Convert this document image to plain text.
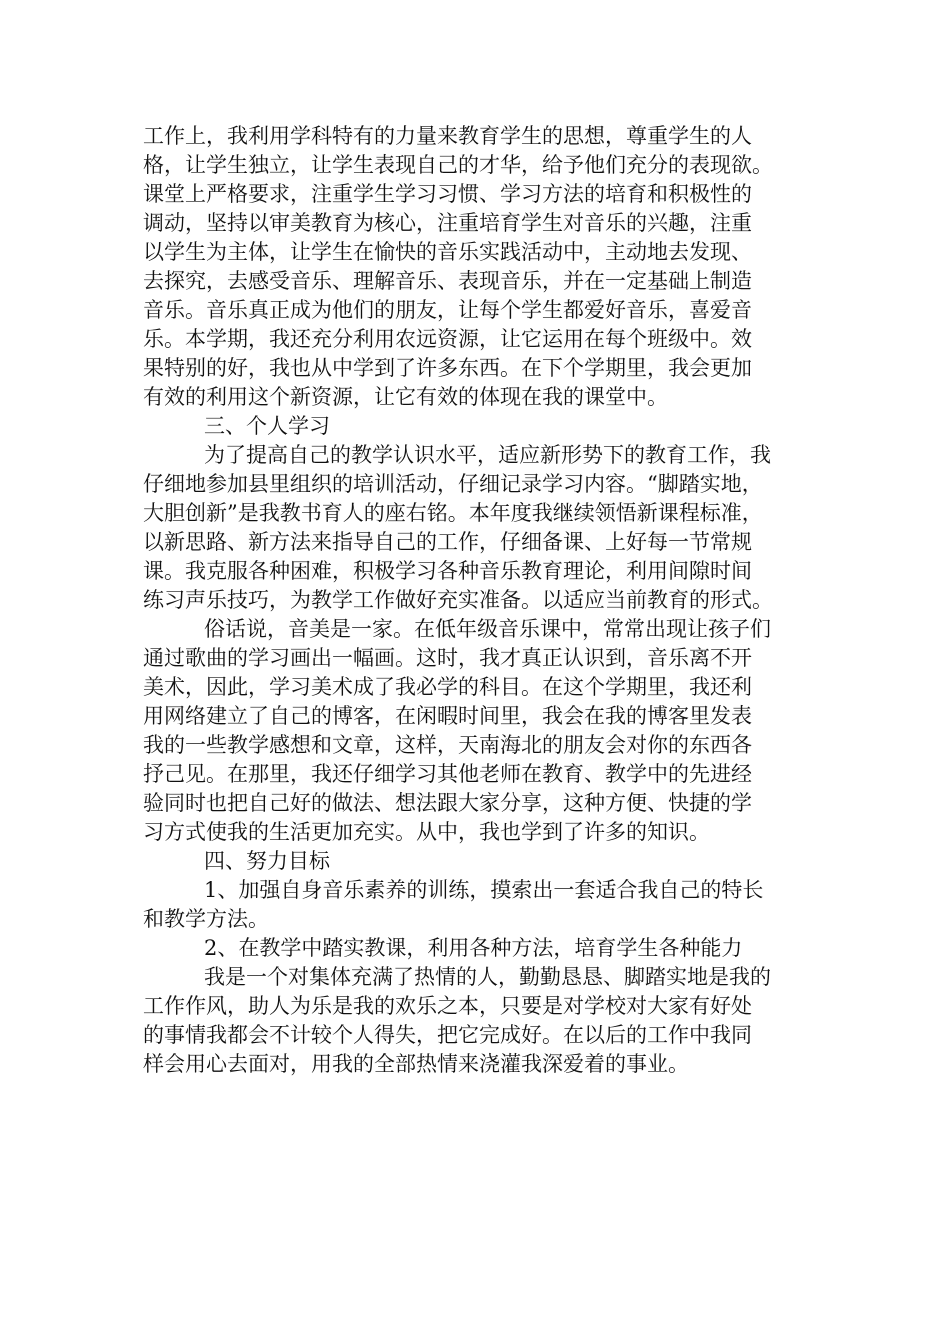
工作上，我利用学科特有的力量来教育学生的思想，尊重学生的人
格，让学生独立，让学生表现自己的才华，给予他们充分的表现欲。
课堂上严格要求，注重学生学习习惯、学习方法的培育和积极性的
调动，坚持以审美教育为核心，注重培育学生对音乐的兴趣，注重
以学生为主体，让学生在愉快的音乐实践活动中，主动地去发现、
去探究，去感受音乐、理解音乐、表现音乐，并在一定基础上制造
音乐。音乐真正成为他们的朋友，让每个学生都爱好音乐，喜爱音
乐。本学期，我还充分利用农远资源，让它运用在每个班级中。效
果特别的好，我也从中学到了许多东西。在下个学期里，我会更加
有效的利用这个新资源，让它有效的体现在我的课堂中。
三、个人学习
为了提高自己的教学认识水平，适应新形势下的教育工作，我
仔细地参加县里组织的培训活动，仔细记录学习内容。“脚踏实地，
大胆创新”是我教书育人的座右铭。本年度我继续领悟新课程标准，
以新思路、新方法来指导自己的工作，仔细备课、上好每一节常规
课。我克服各种困难，积极学习各种音乐教育理论，利用间隙时间
练习声乐技巧，为教学工作做好充实准备。以适应当前教育的形式。
俗话说，音美是一家。在低年级音乐课中，常常出现让孩子们
通过歌曲的学习画出一幅画。这时，我才真正认识到，音乐离不开
美术，因此，学习美术成了我必学的科目。在这个学期里，我还利
用网络建立了自己的博客，在闲暇时间里，我会在我的博客里发表
我的一些教学感想和文章，这样，天南海北的朋友会对你的东西各
抒己见。在那里，我还仔细学习其他老师在教育、教学中的先进经
验同时也把自己好的做法、想法跟大家分享，这种方便、快捷的学
习方式使我的生活更加充实。从中，我也学到了许多的知识。
四、努力目标
1、加强自身音乐素养的训练，摸索出一套适合我自己的特长
和教学方法。
2、在教学中踏实教课，利用各种方法，培育学生各种能力
我是一个对集体充满了热情的人，勤勤恳恳、脚踏实地是我的
工作作风，助人为乐是我的欢乐之本，只要是对学校对大家有好处
的事情我都会不计较个人得失，把它完成好。在以后的工作中我同
样会用心去面对，用我的全部热情来浇灌我深爱着的事业。
